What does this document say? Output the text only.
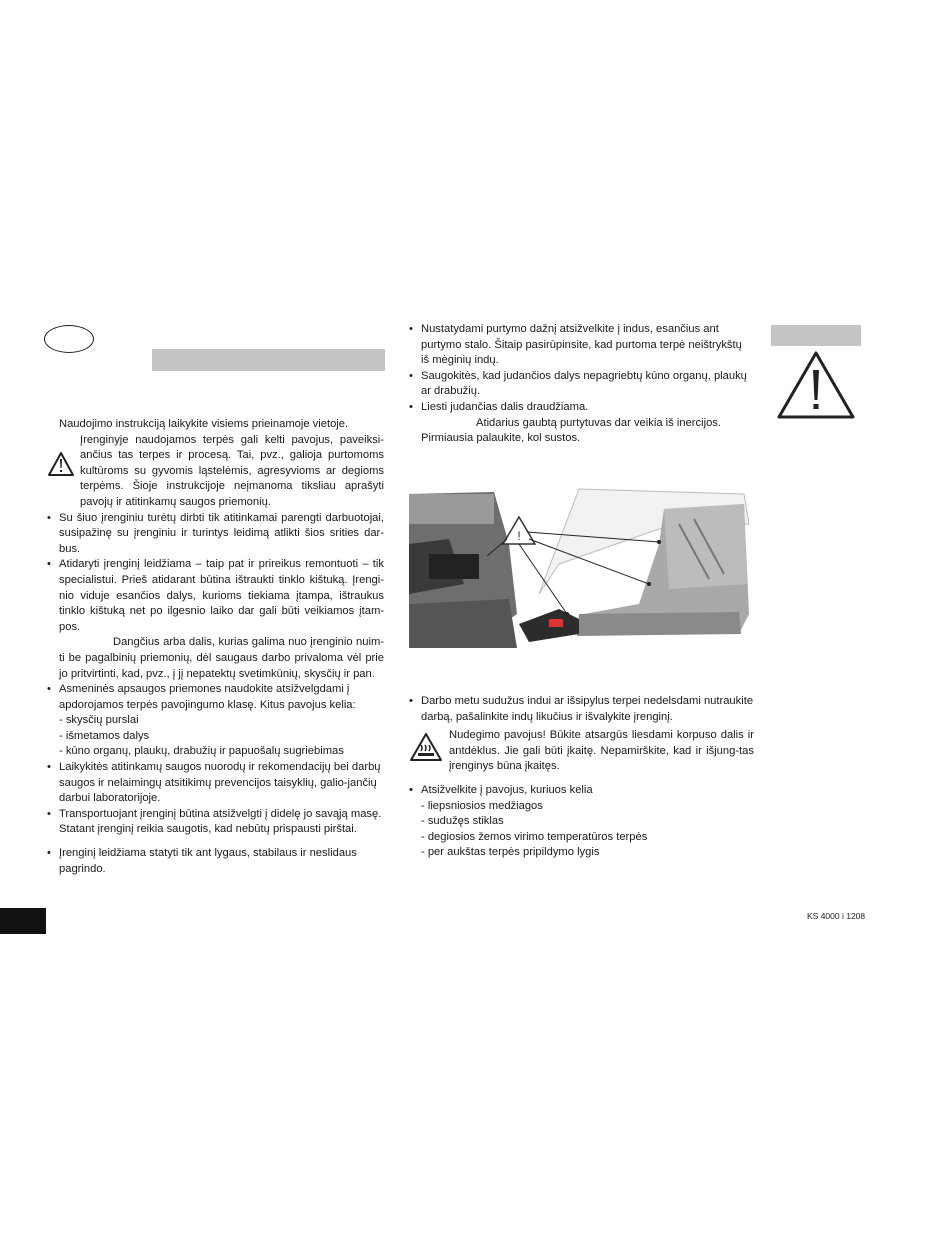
Naudojimo instrukciją laikykite visiems prieinamoje vietoje.

Įrenginyje naudojamos terpės gali kelti pavojus, paveiksi-ančius tas terpes ir procesą. Tai, pvz., galioja purtomoms kultūroms su gyvomis ląstelėmis, agresyvioms ar degioms terpėms. Šioje instrukcijoje neįmanoma tiksliau aprašyti pavojų ir atitinkamų saugos priemonių.

• Su šiuo įrenginiu turėtų dirbti tik atitinkamai parengti darbuotojai, susipažinę su įrenginiu ir turintys leidimą atlikti šios srities dar-bus.

• Atidaryti įrenginį leidžiama – taip pat ir prireikus remontuoti – tik specialistui. Prieš atidarant būtina ištraukti tinklo kištuką. Įrengi-nio viduje esančios dalys, kurioms tiekiama įtampa, ištraukus tinklo kištuką net po ilgesnio laiko dar gali būti veikiamos įtam-pos.

Dangčius arba dalis, kurias galima nuo įrenginio nuim-ti be pagalbinių priemonių, dėl saugaus darbo privaloma vėl prie jo pritvirtinti, kad, pvz., į jį nepatektų svetimkūnių, skysčių ir pan.

• Asmeninės apsaugos priemones naudokite atsižvelgdami į apdorojamos terpės pavojingumo klasę. Kitus pavojus kelia:

- skysčių purslai

- išmetamos dalys

- kūno organų, plaukų, drabužių ir papuošalų sugriebimas

• Laikykitės atitinkamų saugos nuorodų ir rekomendacijų bei darbų saugos ir nelaimingų atsitikimų prevencijos taisyklių, galio-jančių darbui laboratorijoje.

• Transportuojant įrenginį būtina atsižvelgti į didelę jo savąją masę. Statant įrenginį reikia saugotis, kad nebūtų prispausti pirštai.

• Įrenginį leidžiama statyti tik ant lygaus, stabilaus ir neslidaus pagrindo.

• Nustatydami purtymo dažnį atsižvelkite į indus, esančius ant purtymo stalo. Šitaip pasirūpinsite, kad purtoma terpė neištrykštų iš mėginių indų.

• Saugokitės, kad judančios dalys nepagriebtų kūno organų, plaukų ar drabužių.

• Liesti judančias dalis draudžiama.

Atidarius gaubtą purtytuvas dar veikia iš inercijos. Pirmiausia palaukite, kol sustos.

!

• Darbo metu sudužus indui ar išsipylus terpei nedelsdami nutraukite darbą, pašalinkite indų likučius ir išvalykite įrenginį.

Nudegimo pavojus! Būkite atsargūs liesdami korpuso dalis ir antdėklus. Jie gali būti įkaitę. Nepamirškite, kad ir išjung-tas įrenginys būna įkaitęs.

• Atsižvelkite į pavojus, kuriuos kelia

- liepsniosios medžiagos

- sudužęs stiklas

- degiosios žemos virimo temperatūros terpės

- per aukštas terpės pripildymo lygis

KS 4000 i 1208
